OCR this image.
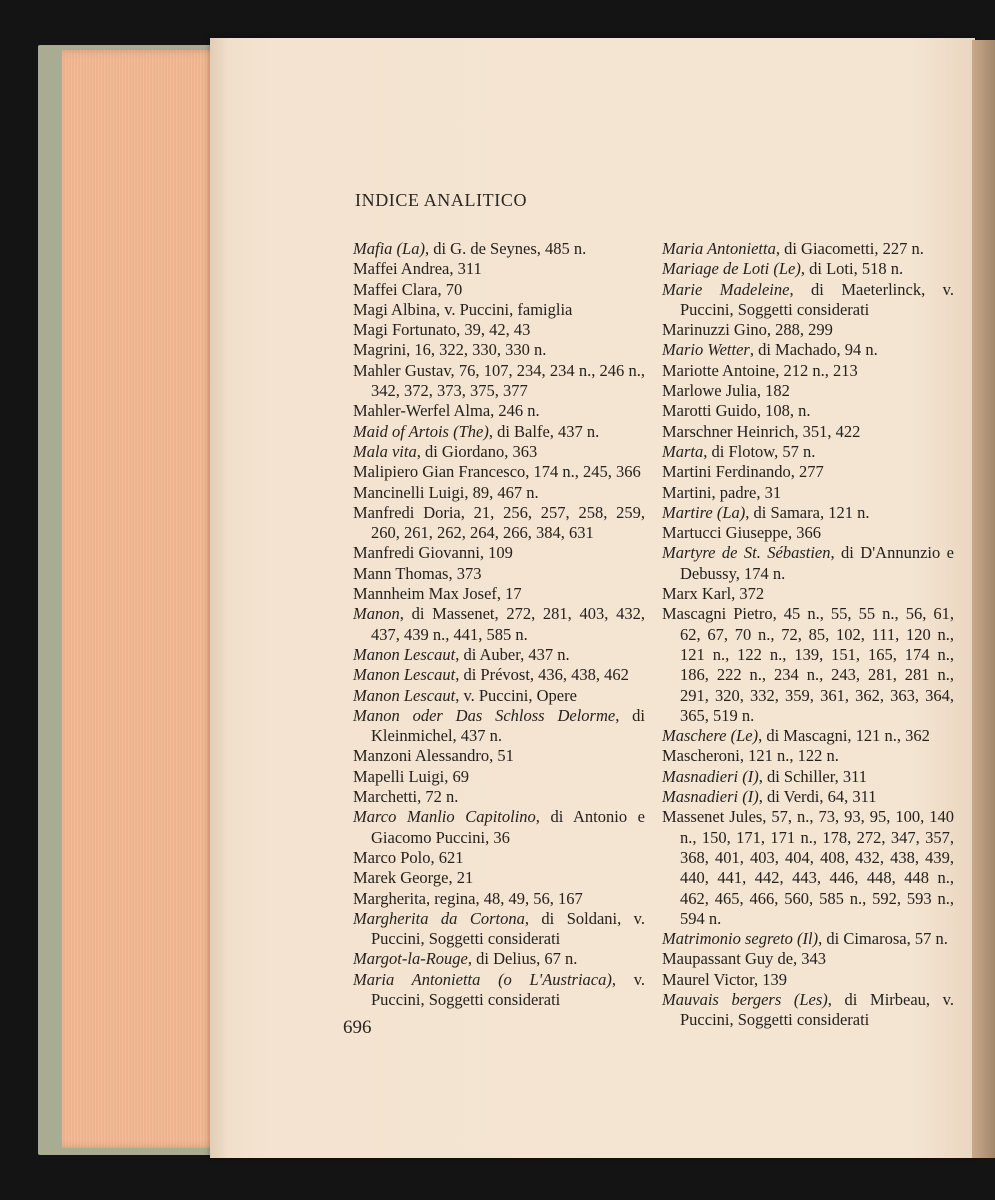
INDICE ANALITICO
Mafia (La), di G. de Seynes, 485 n.
Maffei Andrea, 311
Maffei Clara, 70
Magi Albina, v. Puccini, famiglia
Magi Fortunato, 39, 42, 43
Magrini, 16, 322, 330, 330 n.
Mahler Gustav, 76, 107, 234, 234 n., 246 n., 342, 372, 373, 375, 377
Mahler-Werfel Alma, 246 n.
Maid of Artois (The), di Balfe, 437 n.
Mala vita, di Giordano, 363
Malipiero Gian Francesco, 174 n., 245, 366
Mancinelli Luigi, 89, 467 n.
Manfredi Doria, 21, 256, 257, 258, 259, 260, 261, 262, 264, 266, 384, 631
Manfredi Giovanni, 109
Mann Thomas, 373
Mannheim Max Josef, 17
Manon, di Massenet, 272, 281, 403, 432, 437, 439 n., 441, 585 n.
Manon Lescaut, di Auber, 437 n.
Manon Lescaut, di Prévost, 436, 438, 462
Manon Lescaut, v. Puccini, Opere
Manon oder Das Schloss Delorme, di Kleinmichel, 437 n.
Manzoni Alessandro, 51
Mapelli Luigi, 69
Marchetti, 72 n.
Marco Manlio Capitolino, di Antonio e Giacomo Puccini, 36
Marco Polo, 621
Marek George, 21
Margherita, regina, 48, 49, 56, 167
Margherita da Cortona, di Soldani, v. Puccini, Soggetti considerati
Margot-la-Rouge, di Delius, 67 n.
Maria Antonietta (o L'Austriaca), v. Puccini, Soggetti considerati
Maria Antonietta, di Giacometti, 227 n.
Mariage de Loti (Le), di Loti, 518 n.
Marie Madeleine, di Maeterlinck, v. Puccini, Soggetti considerati
Marinuzzi Gino, 288, 299
Mario Wetter, di Machado, 94 n.
Mariotte Antoine, 212 n., 213
Marlowe Julia, 182
Marotti Guido, 108, n.
Marschner Heinrich, 351, 422
Marta, di Flotow, 57 n.
Martini Ferdinando, 277
Martini, padre, 31
Martire (La), di Samara, 121 n.
Martucci Giuseppe, 366
Martyre de St. Sébastien, di D'Annunzio e Debussy, 174 n.
Marx Karl, 372
Mascagni Pietro, 45 n., 55, 55 n., 56, 61, 62, 67, 70 n., 72, 85, 102, 111, 120 n., 121 n., 122 n., 139, 151, 165, 174 n., 186, 222 n., 234 n., 243, 281, 281 n., 291, 320, 332, 359, 361, 362, 363, 364, 365, 519 n.
Maschere (Le), di Mascagni, 121 n., 362
Mascheroni, 121 n., 122 n.
Masnadieri (I), di Schiller, 311
Masnadieri (I), di Verdi, 64, 311
Massenet Jules, 57, n., 73, 93, 95, 100, 140 n., 150, 171, 171 n., 178, 272, 347, 357, 368, 401, 403, 404, 408, 432, 438, 439, 440, 441, 442, 443, 446, 448, 448 n., 462, 465, 466, 560, 585 n., 592, 593 n., 594 n.
Matrimonio segreto (Il), di Cimarosa, 57 n.
Maupassant Guy de, 343
Maurel Victor, 139
Mauvais bergers (Les), di Mirbeau, v. Puccini, Soggetti considerati
696
